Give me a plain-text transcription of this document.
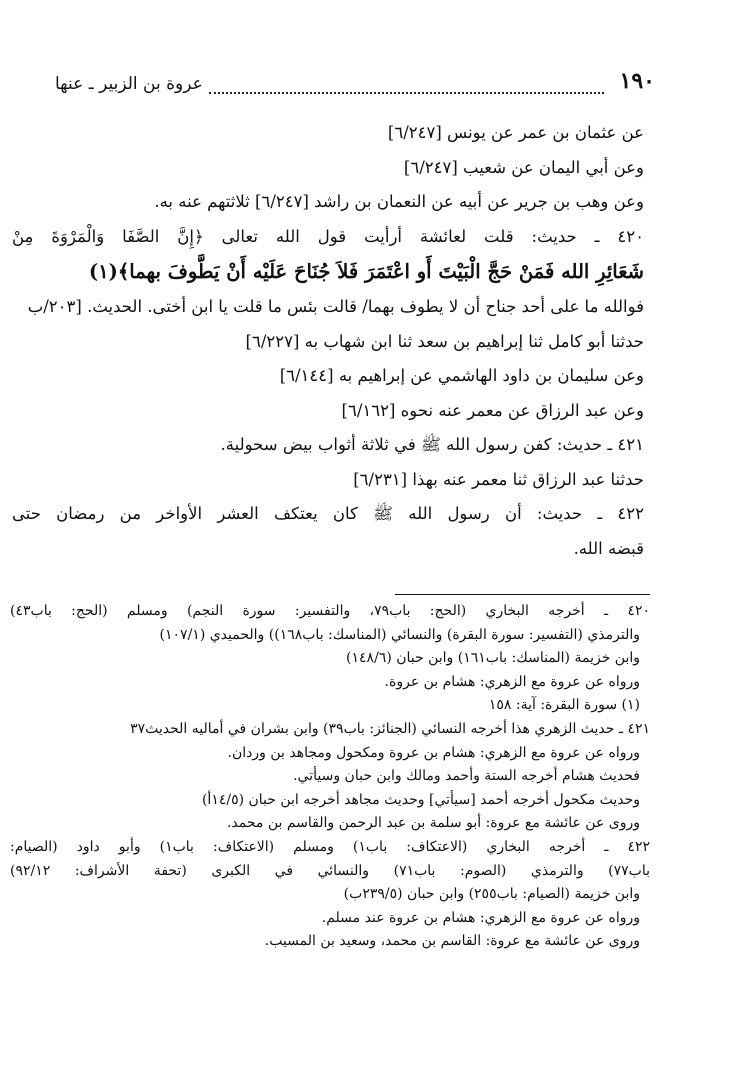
١٩٠
عروة بن الزبير ـ عنها
عن عثمان بن عمر عن يونس [٦/٢٤٧]
وعن أبي اليمان عن شعيب [٦/٢٤٧]
وعن وهب بن جرير عن أبيه عن النعمان بن راشد [٦/٢٤٧] ثلاثتهم عنه به.
٤٢٠ ـ حديث: قلت لعائشة أرأيت قول الله تعالى ﴿إِنَّ الصَّفَا وَالْمَرْوَةَ مِنْ
شَعَائِرِ الله فَمَنْ حَجَّ الْبَيْتَ أَو اعْتَمَرَ فَلاَ جُنَاحَ عَلَيْه أَنْ يَطَّوفَ بهما﴾(١)
فوالله ما على أحد جناح أن لا يطوف بهما/ قالت بئس ما قلت يا ابن أختى. الحديث. [٢٠٣/ب
حدثنا أبو كامل ثنا إبراهيم بن سعد ثنا ابن شهاب به [٦/٢٢٧]
وعن سليمان بن داود الهاشمي عن إبراهيم به [٦/١٤٤]
وعن عبد الرزاق عن معمر عنه نحوه [٦/١٦٢]
٤٢١ ـ حديث: كفن رسول الله ﷺ في ثلاثة أثواب بيض سحولية.
حدثنا عبد الرزاق ثنا معمر عنه بهذا [٦/٢٣١]
٤٢٢ ـ حديث: أن رسول الله ﷺ كان يعتكف العشر الأواخر من رمضان حتى
قبضه الله.
٤٢٠ ـ أخرجه البخاري (الحج: باب٧٩، والتفسير: سورة النجم) ومسلم (الحج: باب٤٣)
والترمذي (التفسير: سورة البقرة) والنسائي (المناسك: باب١٦٨)) والحميدي (١٠٧/١)
وابن خزيمة (المناسك: باب١٦١) وابن حبان (١٤٨/٦)
ورواه عن عروة مع الزهري: هشام بن عروة.
(١) سورة البقرة: آية: ١٥٨
٤٢١ ـ حديث الزهري هذا أخرجه النسائي (الجنائز: باب٣٩) وابن بشران في أماليه الحديث٣٧
ورواه عن عروة مع الزهري: هشام بن عروة ومكحول ومجاهد بن وردان.
فحديث هشام أخرجه الستة وأحمد ومالك وابن حبان وسيأتي.
وحديث مكحول أخرجه أحمد [سيأتي] وحديث مجاهد أخرجه ابن حبان (١٤/٥أ)
وروى عن عائشة مع عروة: أبو سلمة بن عبد الرحمن والقاسم بن محمد.
٤٢٢ ـ أخرجه البخاري (الاعتكاف: باب١) ومسلم (الاعتكاف: باب١) وأبو داود (الصيام:
باب٧٧) والترمذي (الصوم: باب٧١) والنسائي في الكبرى (تحفة الأشراف: ٩٢/١٢)
وابن خزيمة (الصيام: باب٢٥٥) وابن حبان (٢٣٩/٥ب)
ورواه عن عروة مع الزهري: هشام بن عروة عند مسلم.
وروى عن عائشة مع عروة: القاسم بن محمد، وسعيد بن المسيب.
